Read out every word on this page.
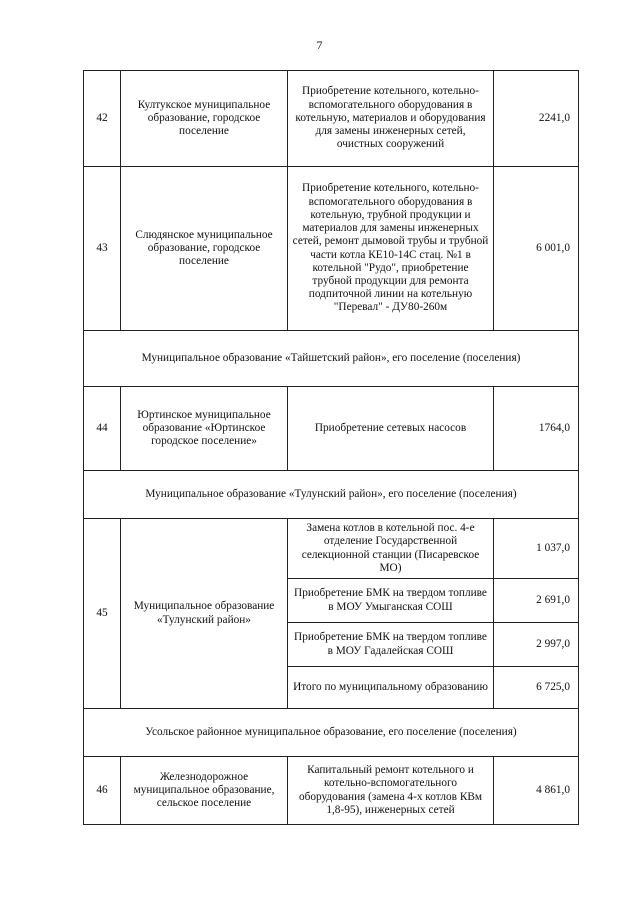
7
42	Култукское муниципальное образование, городское поселение	Приобретение котельного, котельно-вспомогательного оборудования в котельную, материалов и оборудования для замены инженерных сетей, очистных сооружений	2241,0
43	Слюдянское муниципальное образование, городское поселение	Приобретение котельного, котельно-вспомогательного оборудования в котельную, трубной продукции и материалов для замены инженерных сетей, ремонт дымовой трубы и трубной части котла КЕ10-14С стац. №1 в котельной "Рудо", приобретение трубной продукции для ремонта подпиточной линии на котельную "Перевал" - ДУ80-260м	6 001,0
Муниципальное образование «Тайшетский район», его поселение (поселения)			
44	Юртинское муниципальное образование «Юртинское городское поселение»	Приобретение сетевых насосов	1764,0
Муниципальное образование «Тулунский район», его поселение (поселения)			
45	Муниципальное образование «Тулунский район»	Замена котлов в котельной пос. 4-е отделение Государственной селекционной станции (Писаревское МО)	1 037,0
		Приобретение БМК на твердом топливе в МОУ Умыганская СОШ	2 691,0
		Приобретение БМК на твердом топливе в МОУ Гадалейская СОШ	2 997,0
		Итого по муниципальному образованию	6 725,0
Усольское районное муниципальное образование, его поселение (поселения)			
46	Железнодорожное муниципальное образование, сельское поселение	Капитальный ремонт котельного и котельно-вспомогательного оборудования (замена 4-х котлов КВм 1,8-95), инженерных сетей	4 861,0
